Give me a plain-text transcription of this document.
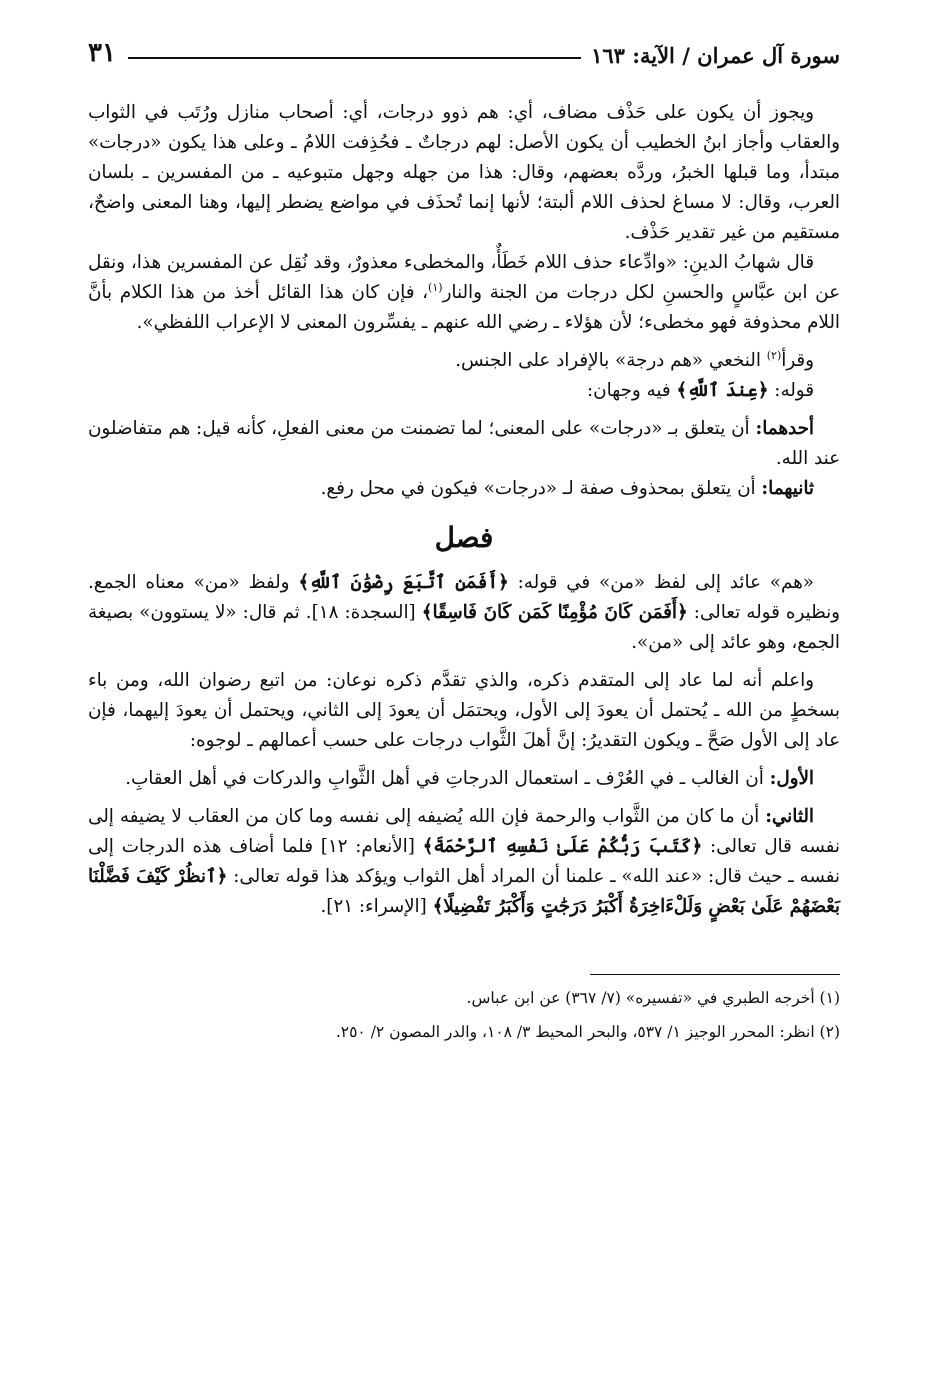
سورة آل عمران / الآية: ١٦٣
٣١

ويجوز أن يكون على حَذْف مضاف، أي: هم ذوو درجات، أي: أصحاب منازل ورُتَب في الثواب والعقاب وأجاز ابنُ الخطيب أن يكون الأصل: لهم درجاتٌ ـ فحُذِفت اللامُ ـ وعلى هذا يكون «درجات» مبتدأ، وما قبلها الخبرُ، وردَّه بعضهم، وقال: هذا من جهله وجهل متبوعيه ـ من المفسرين ـ بلسان العرب، وقال: لا مساغ لحذف اللام ألبتة؛ لأنها إنما تُحذَف في مواضع يضطر إليها، وهنا المعنى واضحٌ، مستقيم من غير تقدير حَذْف.

قال شهابُ الدينِ: «وادِّعاء حذف اللام خَطَأٌ، والمخطىء معذورٌ، وقد نُقِل عن المفسرين هذا، ونقل عن ابن عبَّاسٍ والحسنِ لكل درجات من الجنة والنار$^{(١)}$، فإن كان هذا القائل أخذ من هذا الكلام بأنَّ اللام محذوفة فهو مخطىء؛ لأن هؤلاء ـ رضي الله عنهم ـ يفسِّرون المعنى لا الإعراب اللفظي».

وقرأ$^{(٢)}$ النخعي «هم درجة» بالإفراد على الجنس.

قوله: ﴿عِندَ ٱللَّهِ﴾ فيه وجهان:

أحدهما: أن يتعلق بـ «درجات» على المعنى؛ لما تضمنت من معنى الفعلِ، كأنه قيل: هم متفاضلون عند الله.

ثانيهما: أن يتعلق بمحذوف صفة لـ «درجات» فيكون في محل رفع.

فصل

«هم» عائد إلى لفظ «من» في قوله: ﴿أَفَمَنِ ٱتَّبَعَ رِضْوَٰنَ ٱللَّهِ﴾ ولفظ «من» معناه الجمع. ونظيره قوله تعالى: ﴿أَفَمَن كَانَ مُؤْمِنًا كَمَن كَانَ فَاسِقًا﴾ [السجدة: ١٨]. ثم قال: «لا يستوون» بصيغة الجمع، وهو عائد إلى «من».

واعلم أنه لما عاد إلى المتقدم ذكره، والذي تقدَّم ذكره نوعان: من اتبع رضوان الله، ومن باء بسخطٍ من الله ـ يُحتمل أن يعودَ إلى الأول، ويحتمَل أن يعودَ إلى الثاني، ويحتمل أن يعودَ إليهما، فإن عاد إلى الأول صَحَّ ـ ويكون التقديرُ: إنَّ أهلَ الثَّواب درجات على حسب أعمالهم ـ لوجوه:

الأول: أن الغالب ـ في العُرْف ـ استعمال الدرجاتِ في أهل الثَّوابِ والدركات في أهل العقابِ.

الثاني: أن ما كان من الثَّواب والرحمة فإن الله يُضيفه إلى نفسه وما كان من العقاب لا يضيفه إلى نفسه قال تعالى: ﴿كَتَبَ رَبُّكُمْ عَلَىٰ نَفْسِهِ ٱلرَّحْمَةَ﴾ [الأنعام: ١٢] فلما أضاف هذه الدرجات إلى نفسه ـ حيث قال: «عند الله» ـ علمنا أن المراد أهل الثواب ويؤكد هذا قوله تعالى: ﴿ٱنظُرْ كَيْفَ فَضَّلْنَا بَعْضَهُمْ عَلَىٰ بَعْضٍ وَلَلْءَاخِرَةُ أَكْبَرُ دَرَجَٰتٍ وَأَكْبَرُ تَفْضِيلًا﴾ [الإسراء: ٢١].

(١) أخرجه الطبري في «تفسيره» (٧/ ٣٦٧) عن ابن عباس.

(٢) انظر: المحرر الوجيز ١/ ٥٣٧، والبحر المحيط ٣/ ١٠٨، والدر المصون ٢/ ٢٥٠.
